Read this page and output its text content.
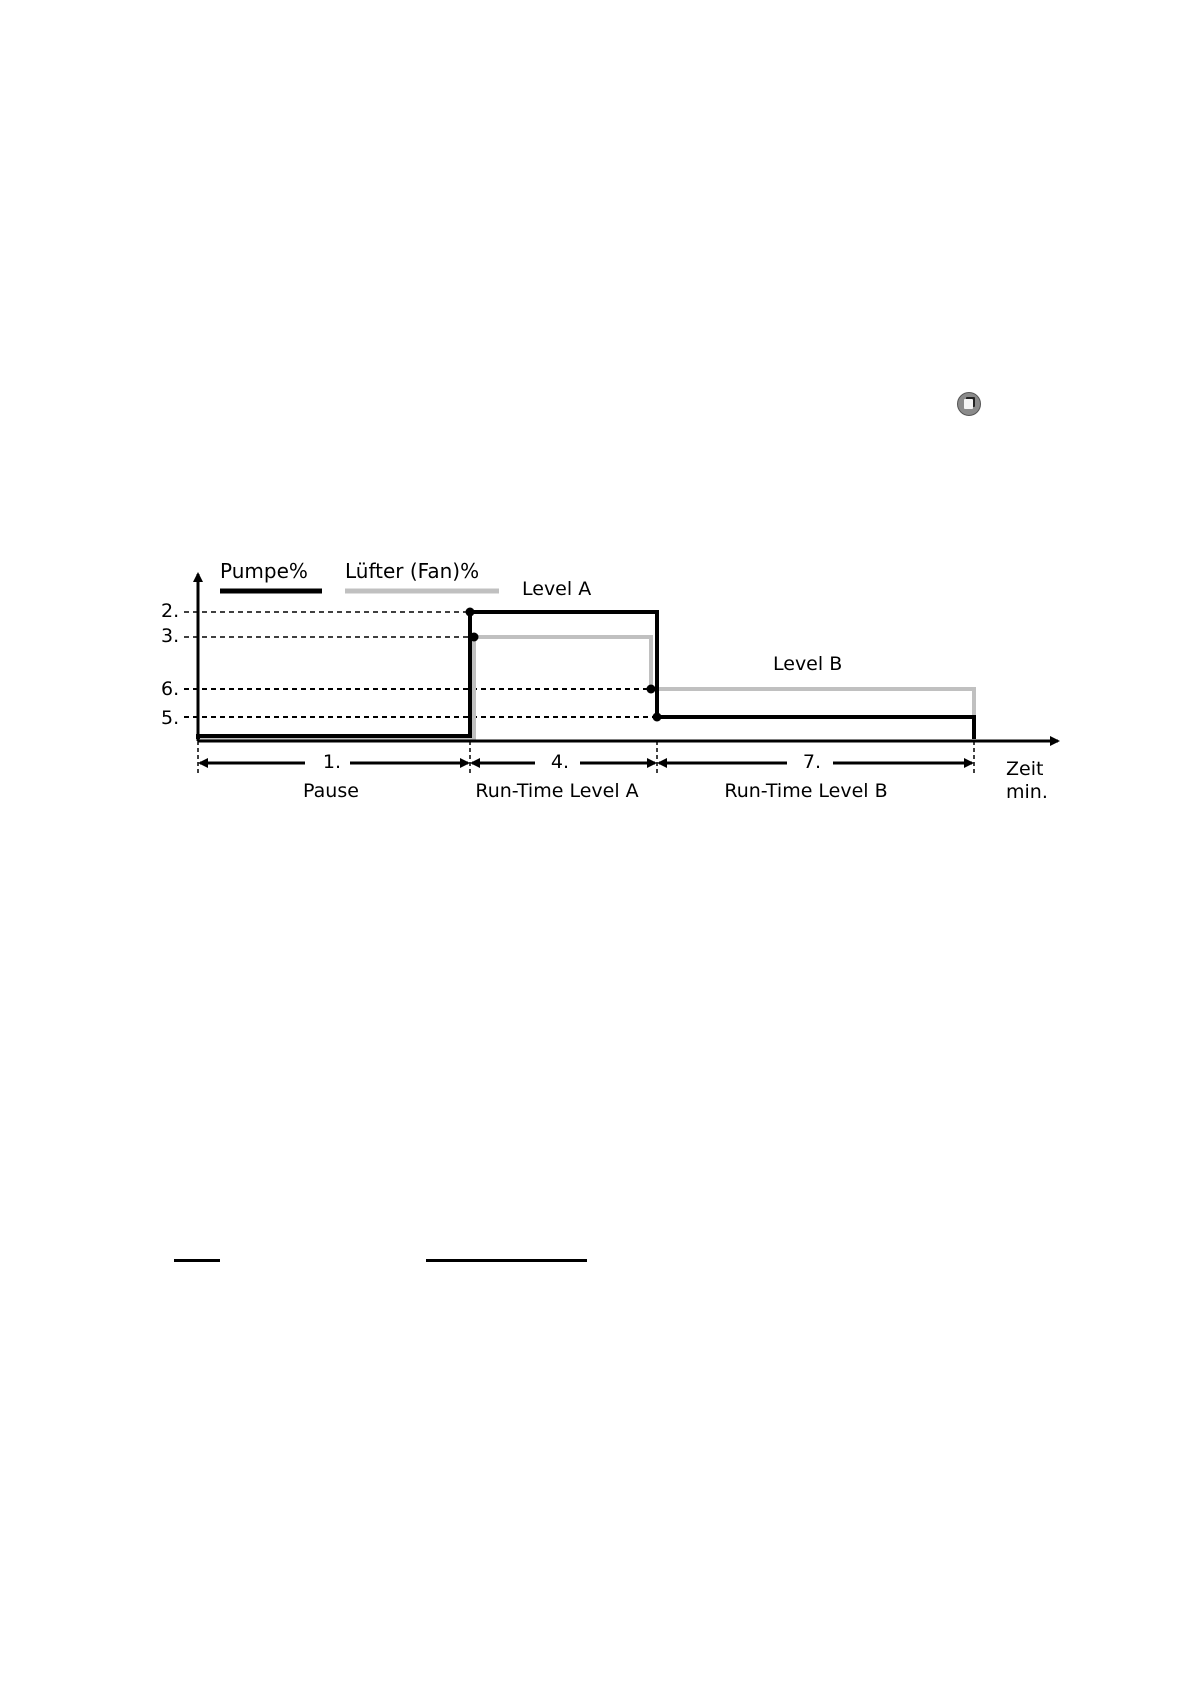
Pumpe% Lüfter (Fan)%
Level A
Level B
2.
3.
6.
5.
1.
Pause
4.
Run-Time Level A
7.
Run-Time Level B
Zeit
min.
